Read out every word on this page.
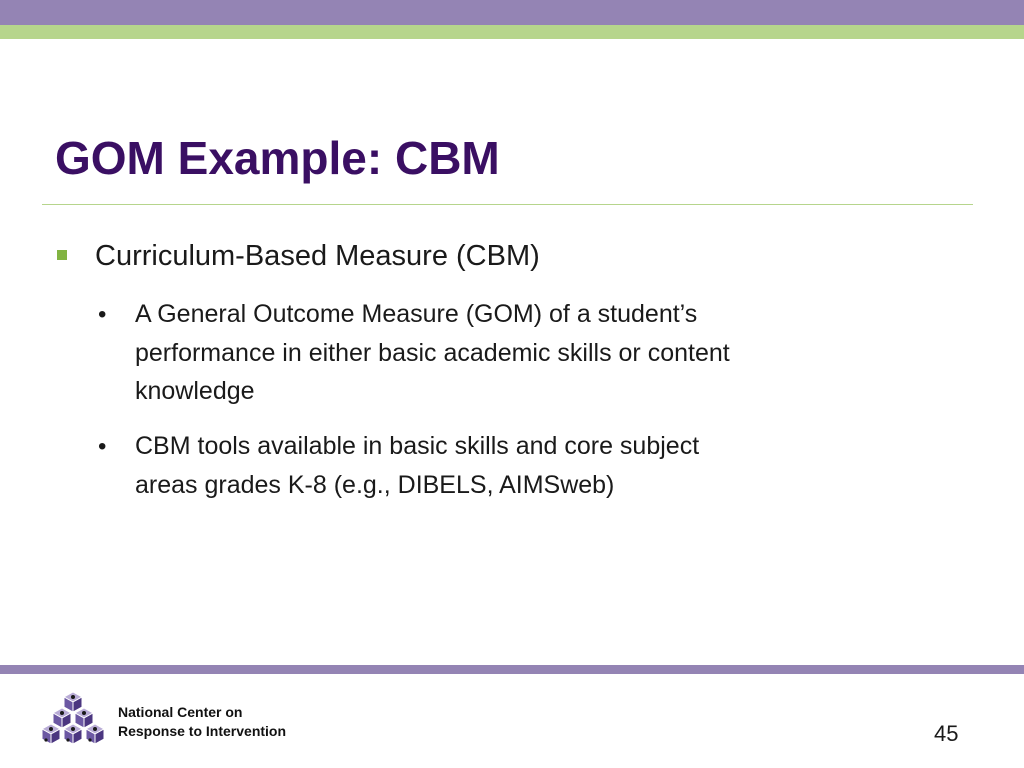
GOM Example: CBM
Curriculum-Based Measure (CBM)
• A General Outcome Measure (GOM) of a student’s
performance in either basic academic skills or content
knowledge
• CBM tools available in basic skills and core subject
areas grades K-8 (e.g., DIBELS, AIMSweb)
National Center on
Response to Intervention	45
